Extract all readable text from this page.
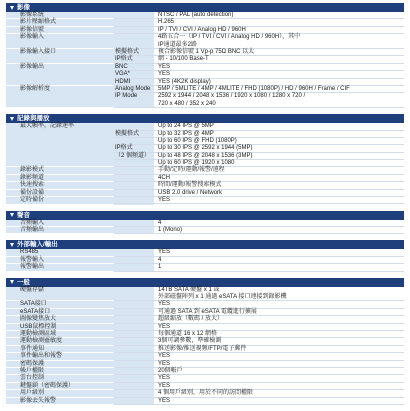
影像
影像系統	NTSC / PAL (auto detection)
影片壓縮格式	H.265
影像信號	IP / TVI / CVI / Analog HD / 960H
影像輸入	4路五合一（IP / TVI / CVI / Analog HD / 960H），其中
IP通道最多2路
影像輸入接口	模擬格式	複合影像信號 1 Vp-p 75Ω BNC 以太
IP格式	網 - 10/100 Base-T
影像輸出	BNC	YES
VGA*	YES
HDMI	YES (4K2K display)
影像解析度	Analog Mode	5MP / 5MLITE / 4MP / 4MLITE / FHD (1080P) / HD / 960H / Frame / CIF
IP Mode	2592 x 1944 / 2048 x 1536 / 1920 x 1080 / 1280 x 720 /
720 x 480 / 352 x 240
記錄與播放
最大幀率，記錄速率	Up to 24 IPS @ 5MP
模擬格式	Up to 32 IPS @ 4MP
Up to 60 IPS @ FHD (1080P)
IP格式	Up to 30 IPS @ 2592 x 1944 (5MP)
（2 個頻道）	Up to 48 IPS @ 2048 x 1536 (3MP)
Up to 60 IPS @ 1920 x 1080
錄影模式	手動/定時/運動/報警/遠程
錄影頻道	4CH
快速搜索	時間/運動/報警搜索模式
備份設備	USB 2.0 drive / Network
定時備份	YES
聲音
音頻輸入	4
音頻輸出	1 (Mono)
外部輸入/輸出
RS485	YES
報警輸入	4
報警輸出	1
一般
硬盤存儲	14TB SATA 硬盤 x 1 或
外部磁盤陣列 x 1 通過 eSATA 接口連接到錄影機
SATA接口	YES
eSATA接口	可通過 SATA 到 eSATA 電纜進行擴展
圖像變焦放大	超級縮放（數碼 / 放大）
USB鼠標控制	YES
運動檢測區域	每個通道 16 x 12 網格
運動檢測靈敏度	3個可調參數，準確檢測
事件通知	推送影像/推送視頻/FTP/電子郵件
事件輸出和報警	YES
密碼保護	YES
帳戶權限	20個帳戶
雲台控制	YES
鍵盤鎖（密碼保護）	YES
用戶級別	4 個用戶級別，用於不同的訪問權限
影像丟失報警	YES
